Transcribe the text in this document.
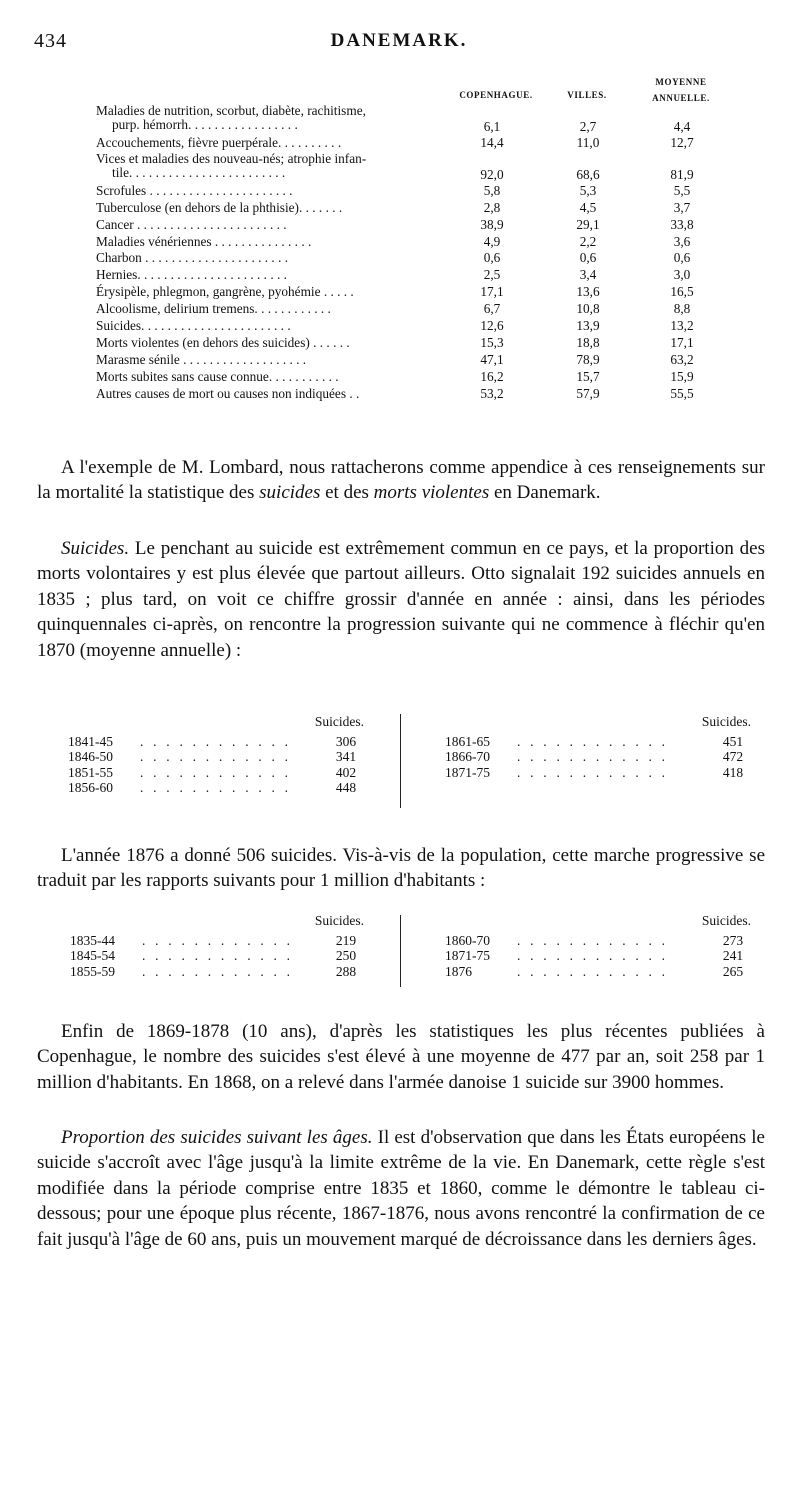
434	DANEMARK.
COPENHAGUE.	VILLES.
MOYENNE ANNUELLE.
Maladies de nutrition, scorbut, diabète, rachitisme,
purp. hémorrh. . . . . . . . . . . . . . . . .	6,1	2,7	4,4
Accouchements, fièvre puerpérale. . . . . . . . . .	14,4	11,0	12,7
Vices et maladies des nouveau-nés; atrophie infan-
tile. . . . . . . . . . . . . . . . . . . . . . . .	92,0	68,6	81,9
Scrofules . . . . . . . . . . . . . . . . . . . . . .	5,8	5,3	5,5
Tuberculose (en dehors de la phthisie). . . . . . .	2,8	4,5	3,7
Cancer . . . . . . . . . . . . . . . . . . . . . . .	38,9	29,1	33,8
Maladies vénériennes . . . . . . . . . . . . . . .	4,9	2,2	3,6
Charbon . . . . . . . . . . . . . . . . . . . . . .	0,6	0,6	0,6
Hernies. . . . . . . . . . . . . . . . . . . . . . .	2,5	3,4	3,0
Érysipèle, phlegmon, gangrène, pyohémie . . . . .	17,1	13,6	16,5
Alcoolisme, delirium tremens. . . . . . . . . . . .	6,7	10,8	8,8
Suicides. . . . . . . . . . . . . . . . . . . . . . .	12,6	13,9	13,2
Morts violentes (en dehors des suicides) . . . . . .	15,3	18,8	17,1
Marasme sénile . . . . . . . . . . . . . . . . . . .	47,1	78,9	63,2
Morts subites sans cause connue. . . . . . . . . . .	16,2	15,7	15,9
Autres causes de mort ou causes non indiquées . .	53,2	57,9	55,5

A l'exemple de M. Lombard, nous rattacherons comme appendice à ces renseignements sur la mortalité la statistique des suicides et des morts violentes en Danemark.

Suicides. Le penchant au suicide est extrêmement commun en ce pays, et la proportion des morts volontaires y est plus élevée que partout ailleurs. Otto signalait 192 suicides annuels en 1835 ; plus tard, on voit ce chiffre grossir d'année en année : ainsi, dans les périodes quinquennales ci-après, on rencontre la progression suivante qui ne commence à fléchir qu'en 1870 (moyenne annuelle) :

Suicides.
1841-45 . . . . . . . . . . . .	306
1846-50 . . . . . . . . . . . .	341
1851-55 . . . . . . . . . . . .	402
1856-60 . . . . . . . . . . . .	448
Suicides.
1861-65 . . . . . . . . . . . .	451
1866-70 . . . . . . . . . . . .	472
1871-75 . . . . . . . . . . . .	418

L'année 1876 a donné 506 suicides. Vis-à-vis de la population, cette marche progressive se traduit par les rapports suivants pour 1 million d'habitants :

Suicides.
1835-44 . . . . . . . . . . . .	219
1845-54 . . . . . . . . . . . .	250
1855-59 . . . . . . . . . . . .	288
Suicides.
1860-70 . . . . . . . . . . . .	273
1871-75 . . . . . . . . . . . .	241
1876	. . . . . . . . . . . .	265

Enfin de 1869-1878 (10 ans), d'après les statistiques les plus récentes publiées à Copenhague, le nombre des suicides s'est élevé à une moyenne de 477 par an, soit 258 par 1 million d'habitants. En 1868, on a relevé dans l'armée danoise 1 suicide sur 3900 hommes.

Proportion des suicides suivant les âges. Il est d'observation que dans les États européens le suicide s'accroît avec l'âge jusqu'à la limite extrême de la vie. En Danemark, cette règle s'est modifiée dans la période comprise entre 1835 et 1860, comme le démontre le tableau ci-dessous; pour une époque plus récente, 1867-1876, nous avons rencontré la confirmation de ce fait jusqu'à l'âge de 60 ans, puis un mouvement marqué de décroissance dans les derniers âges.
